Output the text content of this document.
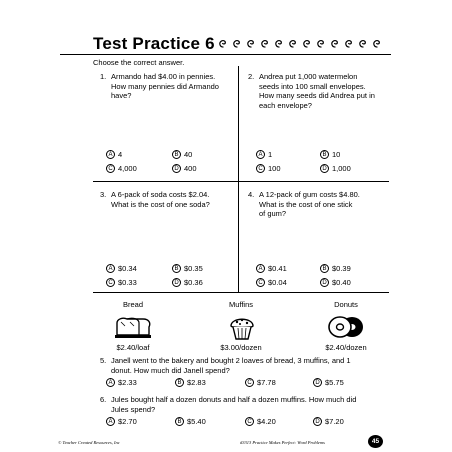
Test Practice 6
Choose the correct answer.
1. Armando had $4.00 in pennies.
How many pennies did Armando
have?
A 4	B 40
C 4,000	D 400
2. Andrea put 1,000 watermelon
seeds into 100 small envelopes.
How many seeds did Andrea put in
each envelope?
A 1	B 10
C 100	D 1,000
3. A 6-pack of soda costs $2.04.
What is the cost of one soda?
A $0.34	B $0.35
C $0.33	D $0.36
4. A 12-pack of gum costs $4.80.
What is the cost of one stick
of gum?
A $0.41	B $0.39
C $0.04	D $0.40
Bread	Muffins	Donuts
$2.40/loaf	$3.00/dozen	$2.40/dozen
5. Janell went to the bakery and bought 2 loaves of bread, 3 muffins, and 1
donut. How much did Janell spend?
A $2.33	B $2.83	C $7.78	D $5.75
6. Jules bought half a dozen donuts and half a dozen muffins. How much did
Jules spend?
A $2.70	B $5.40	C $4.20	D $7.20
© Teacher Created Resources, Inc	#3313 Practice Makes Perfect: Word Problems	45
